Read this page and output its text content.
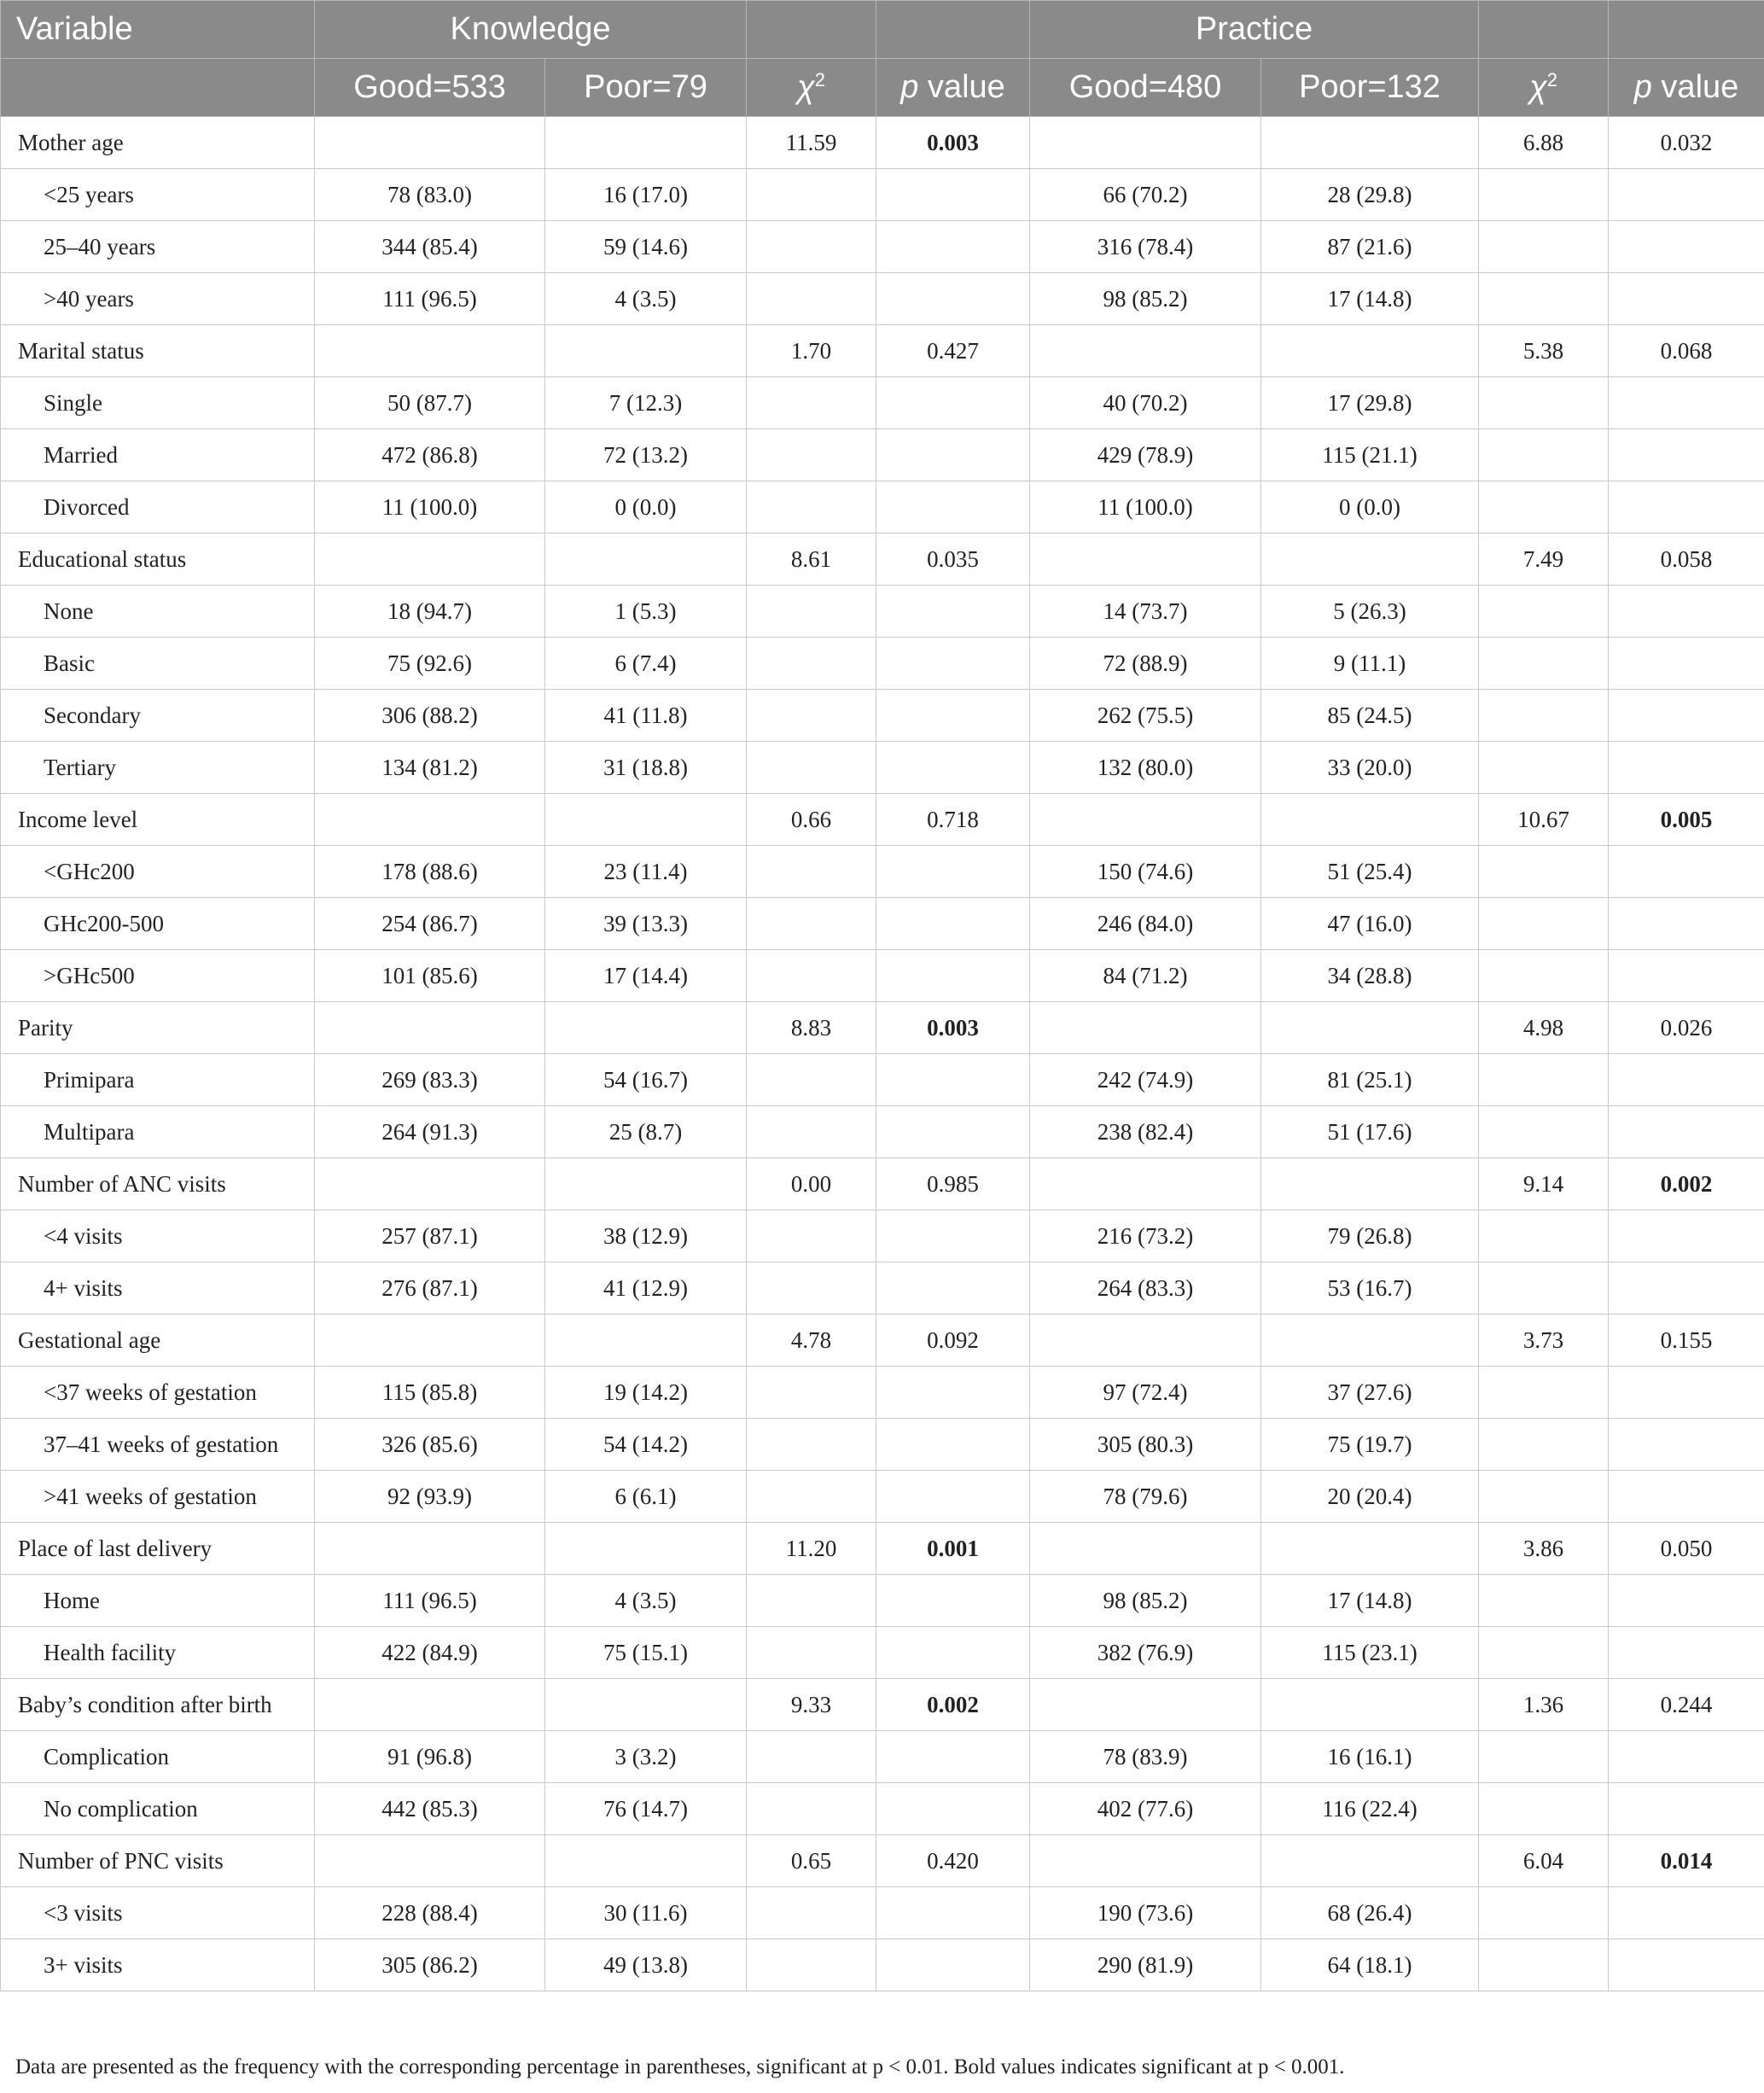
Variable	Knowledge				Practice			
	Good=533	Poor=79	$\chi^2$	p value	Good=480	Poor=132	$\chi^2$	p value
Mother age			11.59	0.003			6.88	0.032
<25 years	78 (83.0)	16 (17.0)			66 (70.2)	28 (29.8)		
25–40 years	344 (85.4)	59 (14.6)			316 (78.4)	87 (21.6)		
>40 years	111 (96.5)	4 (3.5)			98 (85.2)	17 (14.8)		
Marital status			1.70	0.427			5.38	0.068
Single	50 (87.7)	7 (12.3)			40 (70.2)	17 (29.8)		
Married	472 (86.8)	72 (13.2)			429 (78.9)	115 (21.1)		
Divorced	11 (100.0)	0 (0.0)			11 (100.0)	0 (0.0)		
Educational status			8.61	0.035			7.49	0.058
None	18 (94.7)	1 (5.3)			14 (73.7)	5 (26.3)		
Basic	75 (92.6)	6 (7.4)			72 (88.9)	9 (11.1)		
Secondary	306 (88.2)	41 (11.8)			262 (75.5)	85 (24.5)		
Tertiary	134 (81.2)	31 (18.8)			132 (80.0)	33 (20.0)		
Income level			0.66	0.718			10.67	0.005
<GHc200	178 (88.6)	23 (11.4)			150 (74.6)	51 (25.4)		
GHc200-500	254 (86.7)	39 (13.3)			246 (84.0)	47 (16.0)		
>GHc500	101 (85.6)	17 (14.4)			84 (71.2)	34 (28.8)		
Parity			8.83	0.003			4.98	0.026
Primipara	269 (83.3)	54 (16.7)			242 (74.9)	81 (25.1)		
Multipara	264 (91.3)	25 (8.7)			238 (82.4)	51 (17.6)		
Number of ANC visits			0.00	0.985			9.14	0.002
<4 visits	257 (87.1)	38 (12.9)			216 (73.2)	79 (26.8)		
4+ visits	276 (87.1)	41 (12.9)			264 (83.3)	53 (16.7)		
Gestational age			4.78	0.092			3.73	0.155
<37 weeks of gestation	115 (85.8)	19 (14.2)			97 (72.4)	37 (27.6)		
37–41 weeks of gestation	326 (85.6)	54 (14.2)			305 (80.3)	75 (19.7)		
>41 weeks of gestation	92 (93.9)	6 (6.1)			78 (79.6)	20 (20.4)		
Place of last delivery			11.20	0.001			3.86	0.050
Home	111 (96.5)	4 (3.5)			98 (85.2)	17 (14.8)		
Health facility	422 (84.9)	75 (15.1)			382 (76.9)	115 (23.1)		
Baby’s condition after birth			9.33	0.002			1.36	0.244
Complication	91 (96.8)	3 (3.2)			78 (83.9)	16 (16.1)		
No complication	442 (85.3)	76 (14.7)			402 (77.6)	116 (22.4)		
Number of PNC visits			0.65	0.420			6.04	0.014
<3 visits	228 (88.4)	30 (11.6)			190 (73.6)	68 (26.4)		
3+ visits	305 (86.2)	49 (13.8)			290 (81.9)	64 (18.1)		
Data are presented as the frequency with the corresponding percentage in parentheses, significant at p < 0.01. Bold values indicates significant at p < 0.001.
